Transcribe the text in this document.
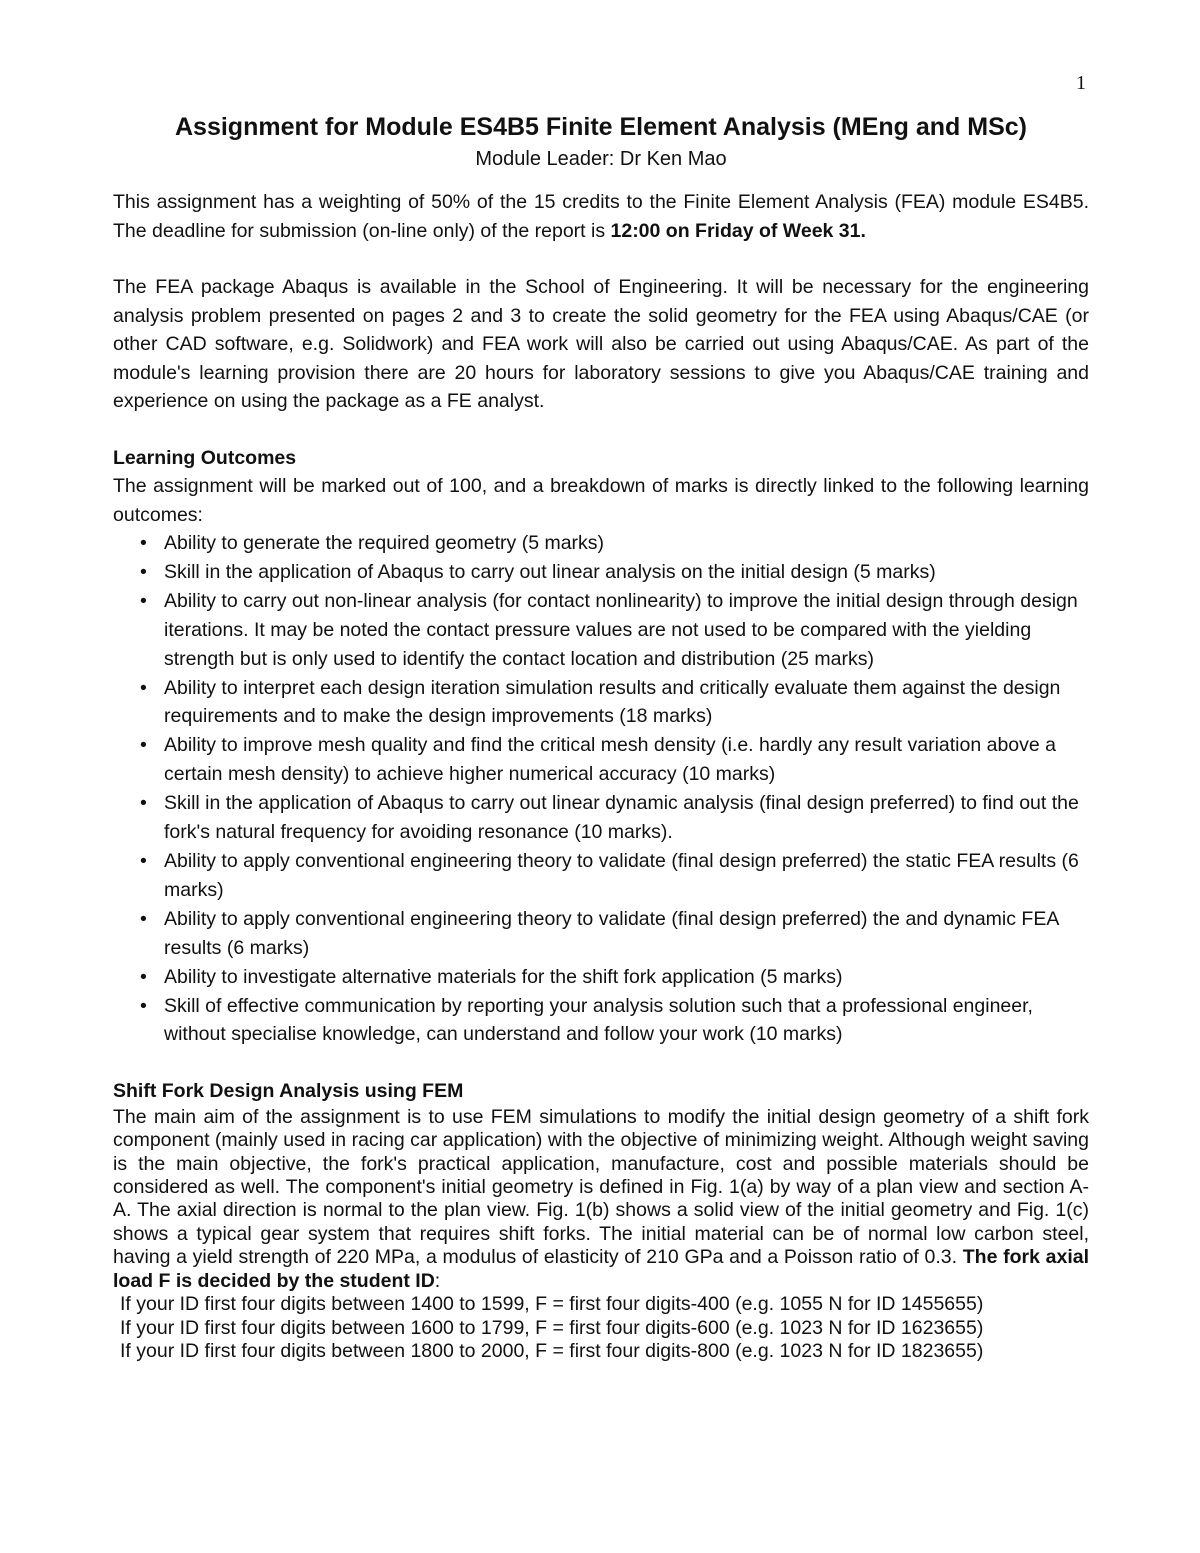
1
Assignment for Module ES4B5 Finite Element Analysis (MEng and MSc)

Module Leader: Dr Ken Mao

This assignment has a weighting of 50% of the 15 credits to the Finite Element Analysis (FEA) module ES4B5. The deadline for submission (on-line only) of the report is 12:00 on Friday of Week 31.

The FEA package Abaqus is available in the School of Engineering. It will be necessary for the engineering analysis problem presented on pages 2 and 3 to create the solid geometry for the FEA using Abaqus/CAE (or other CAD software, e.g. Solidwork) and FEA work will also be carried out using Abaqus/CAE. As part of the module's learning provision there are 20 hours for laboratory sessions to give you Abaqus/CAE training and experience on using the package as a FE analyst.

Learning Outcomes

The assignment will be marked out of 100, and a breakdown of marks is directly linked to the following learning outcomes:

• Ability to generate the required geometry (5 marks)
• Skill in the application of Abaqus to carry out linear analysis on the initial design (5 marks)
• Ability to carry out non-linear analysis (for contact nonlinearity) to improve the initial design through design iterations. It may be noted the contact pressure values are not used to be compared with the yielding strength but is only used to identify the contact location and distribution (25 marks)
• Ability to interpret each design iteration simulation results and critically evaluate them against the design requirements and to make the design improvements (18 marks)
• Ability to improve mesh quality and find the critical mesh density (i.e. hardly any result variation above a certain mesh density) to achieve higher numerical accuracy (10 marks)
• Skill in the application of Abaqus to carry out linear dynamic analysis (final design preferred) to find out the fork's natural frequency for avoiding resonance (10 marks).
• Ability to apply conventional engineering theory to validate (final design preferred) the static FEA results (6 marks)
• Ability to apply conventional engineering theory to validate (final design preferred) the and dynamic FEA results (6 marks)
• Ability to investigate alternative materials for the shift fork application (5 marks)
• Skill of effective communication by reporting your analysis solution such that a professional engineer, without specialise knowledge, can understand and follow your work (10 marks)

Shift Fork Design Analysis using FEM

The main aim of the assignment is to use FEM simulations to modify the initial design geometry of a shift fork component (mainly used in racing car application) with the objective of minimizing weight. Although weight saving is the main objective, the fork's practical application, manufacture, cost and possible materials should be considered as well. The component's initial geometry is defined in Fig. 1(a) by way of a plan view and section A-A. The axial direction is normal to the plan view. Fig. 1(b) shows a solid view of the initial geometry and Fig. 1(c) shows a typical gear system that requires shift forks. The initial material can be of normal low carbon steel, having a yield strength of 220 MPa, a modulus of elasticity of 210 GPa and a Poisson ratio of 0.3. The fork axial load F is decided by the student ID:

If your ID first four digits between 1400 to 1599, F = first four digits-400 (e.g. 1055 N for ID 1455655)

If your ID first four digits between 1600 to 1799, F = first four digits-600 (e.g. 1023 N for ID 1623655)

If your ID first four digits between 1800 to 2000, F = first four digits-800 (e.g. 1023 N for ID 1823655)
